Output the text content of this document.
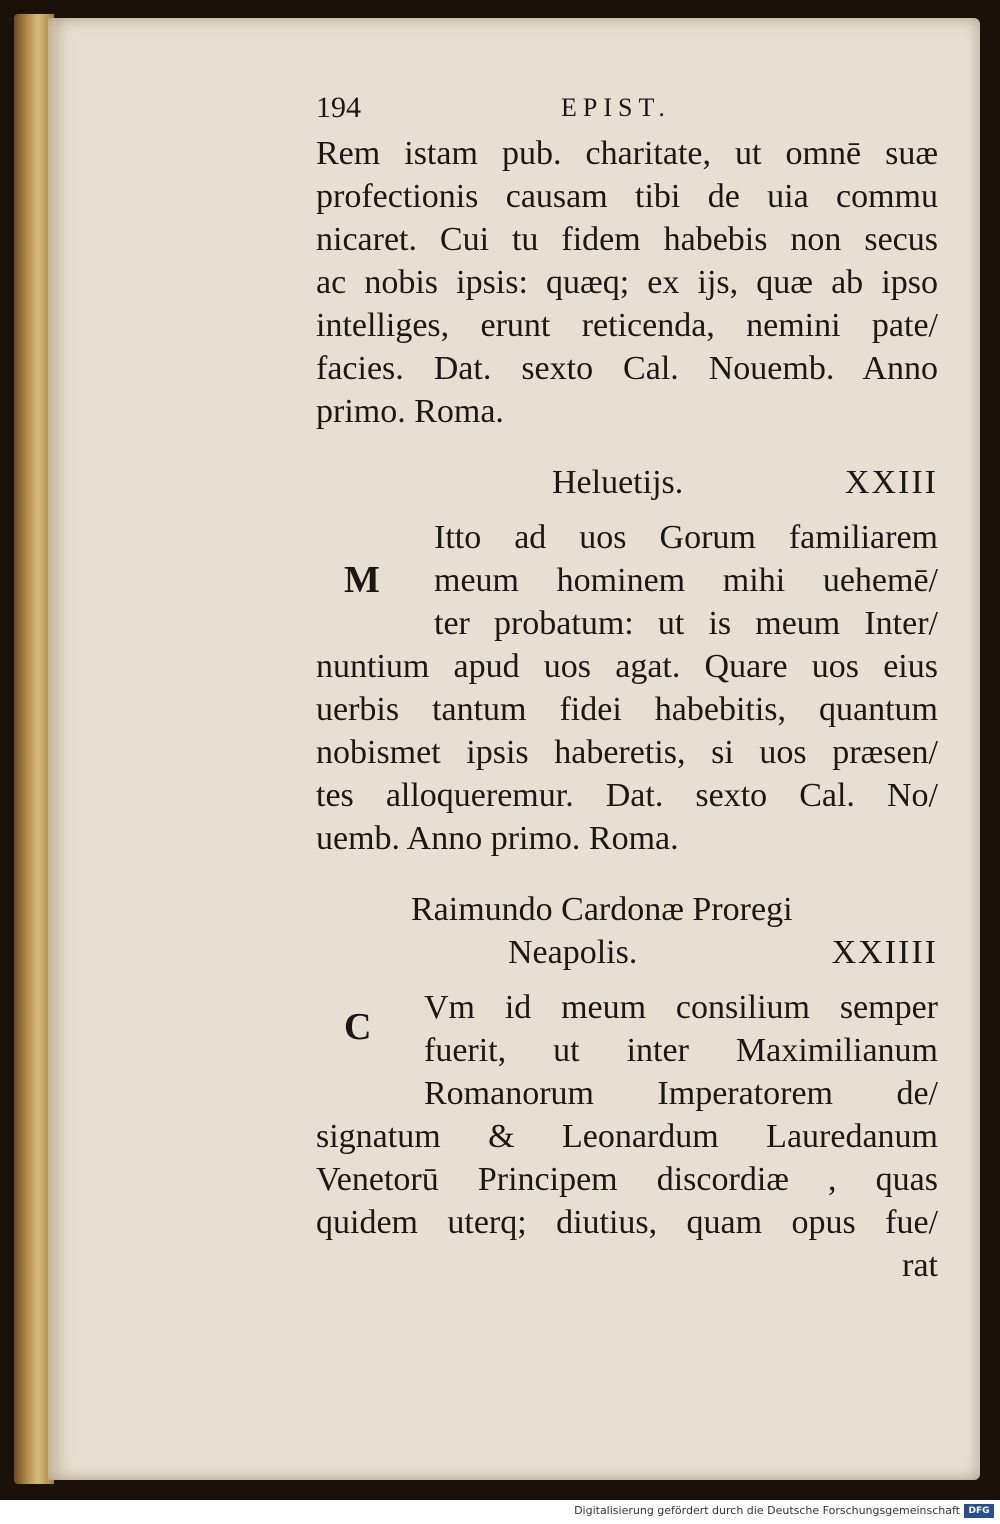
194	EPIST.
Rem istam pub. charitate, ut omnē suæ
profectionis causam tibi de uia commu
nicaret. Cui tu fidem habebis non secus
ac nobis ipsis: quæq; ex ijs, quæ ab ipso
intelliges, erunt reticenda, nemini pate/
facies. Dat. sexto Cal. Nouemb. Anno
primo. Roma.
Heluetijs.	XXIII
M
Itto ad uos Gorum familiarem
meum hominem mihi uehemē/
ter probatum: ut is meum Inter/
nuntium apud uos agat. Quare uos eius
uerbis tantum fidei habebitis, quantum
nobismet ipsis haberetis, si uos præsen/
tes alloqueremur. Dat. sexto Cal. No/
uemb. Anno primo. Roma.
Raimundo Cardonæ Proregi
Neapolis.	XXIIII
C Vm id meum consilium semper
fuerit, ut inter Maximilianum
Romanorum Imperatorem de/
signatum & Leonardum Lauredanum
Venetorū Principem discordiæ , quas
quidem uterq; diutius, quam opus fue/
rat
Digitalisierung gefördert durch die Deutsche Forschungsgemeinschaft DFG
